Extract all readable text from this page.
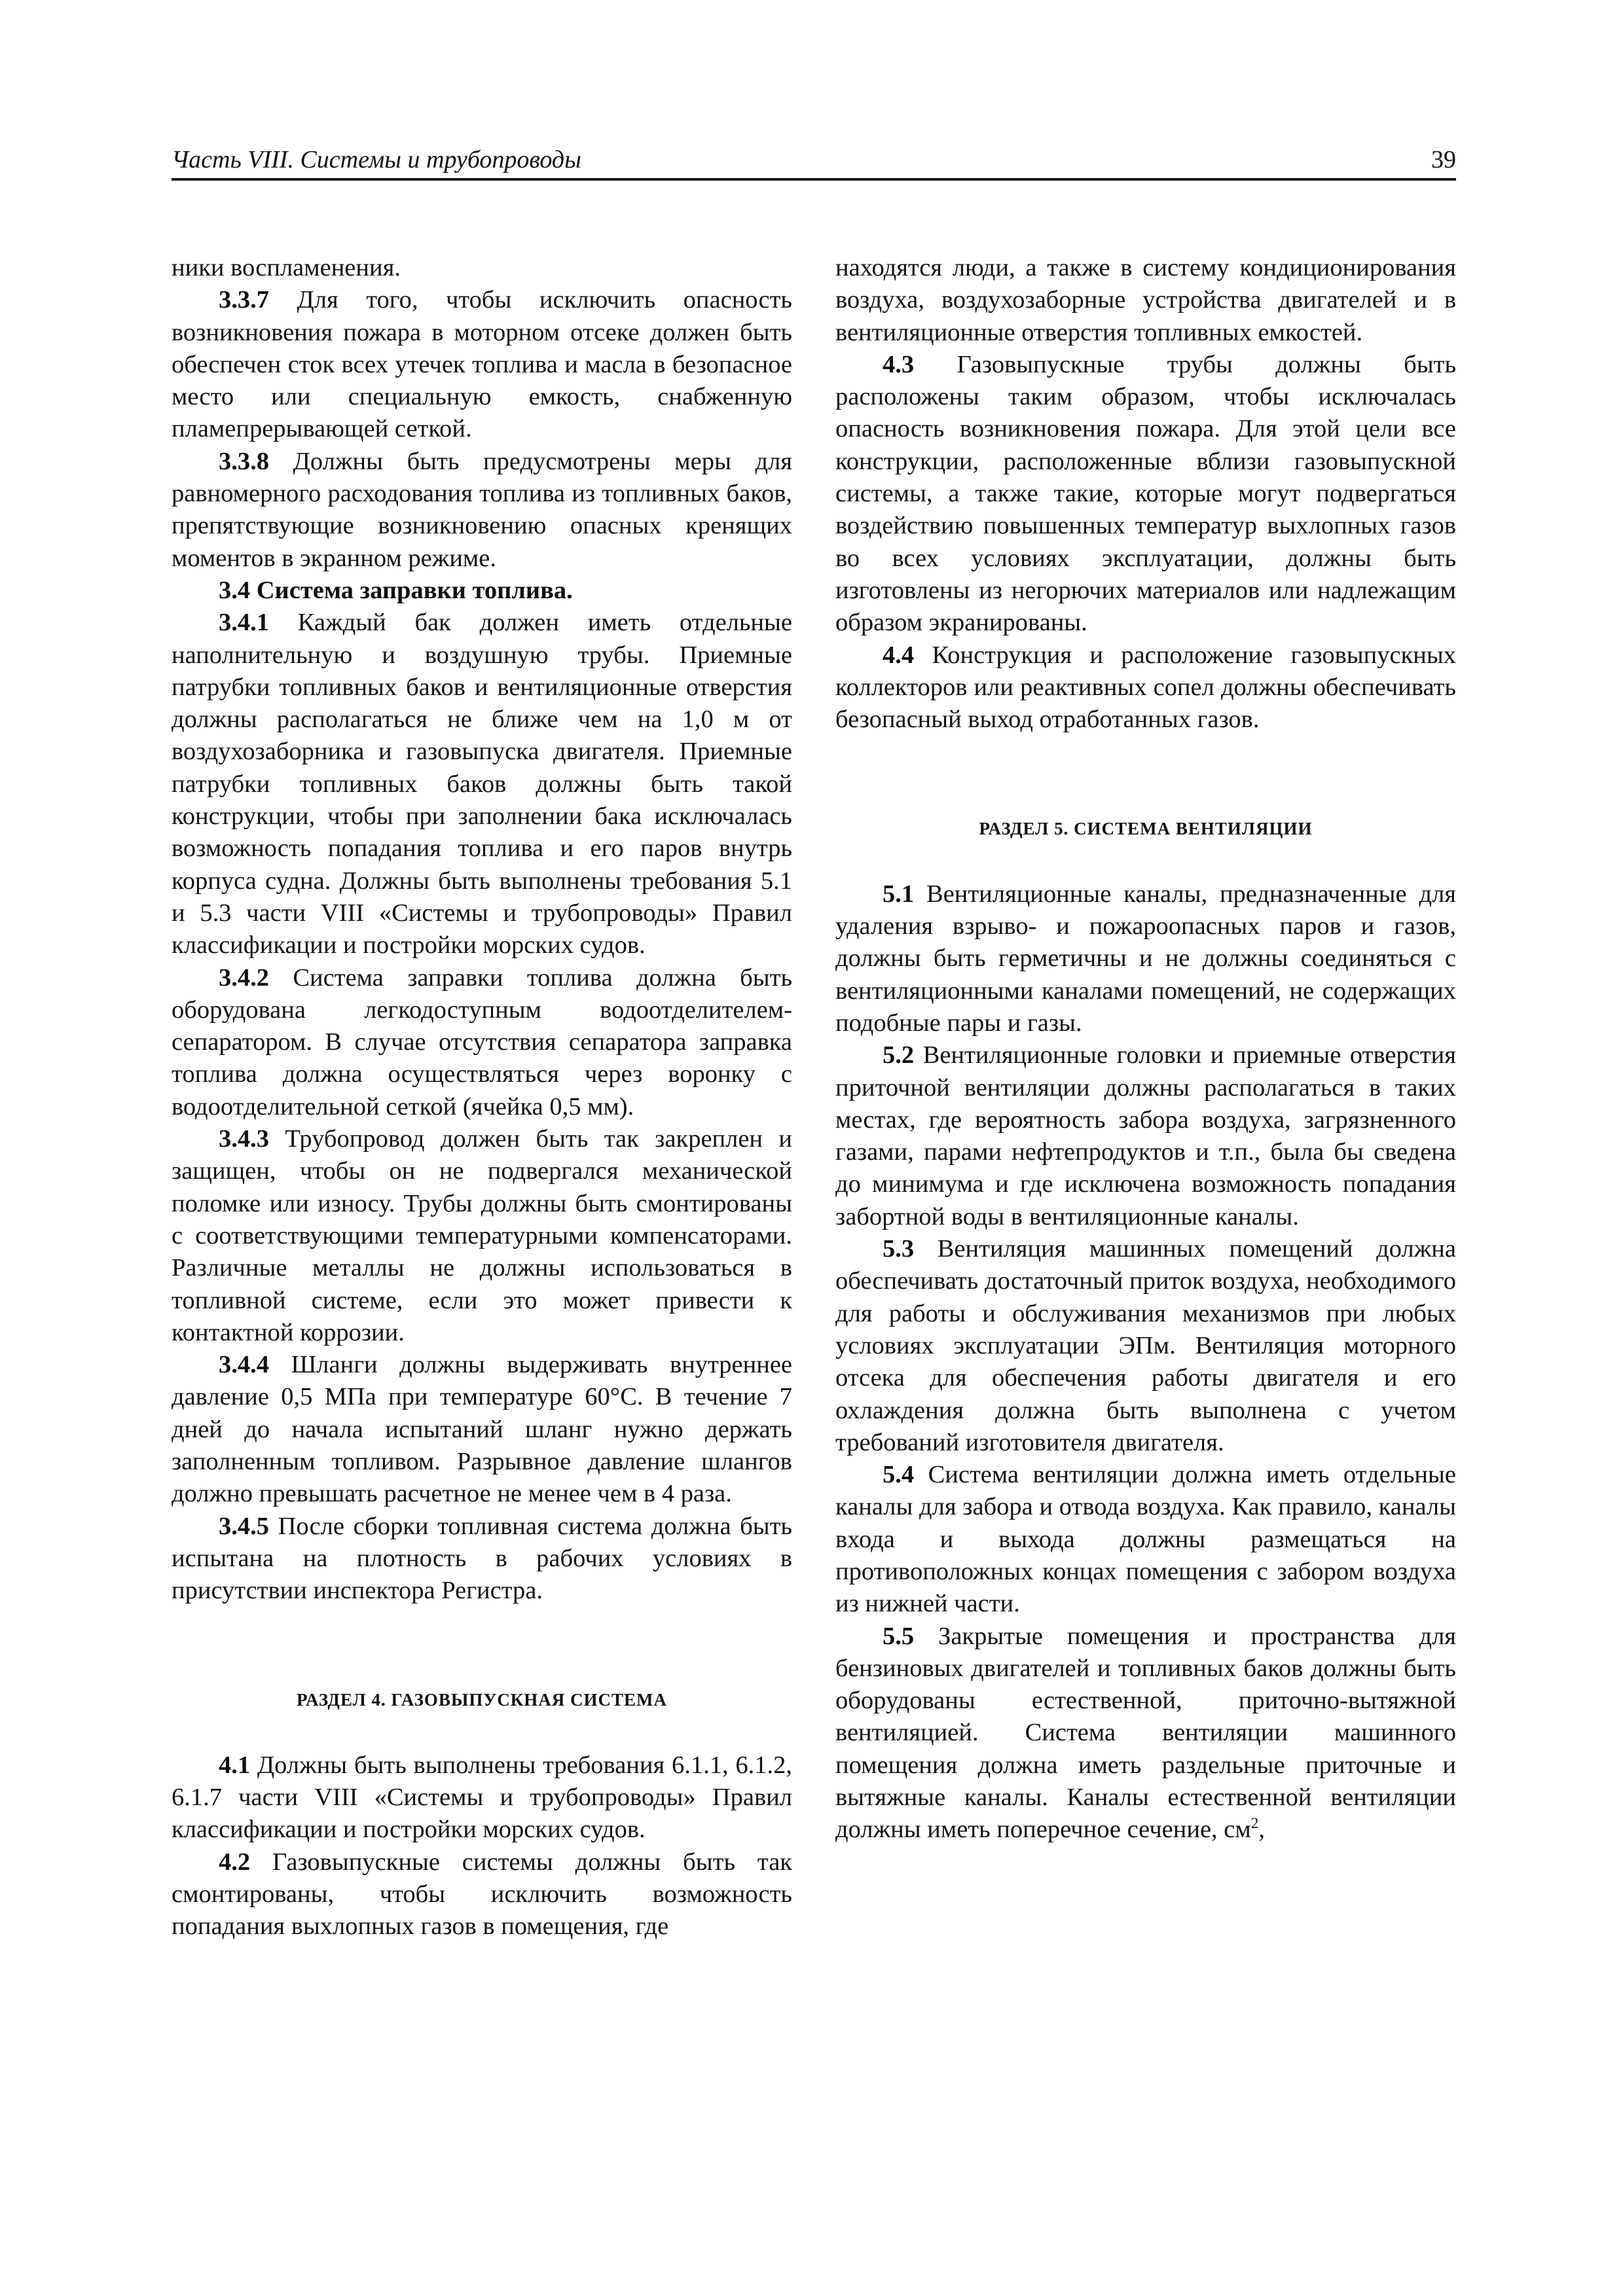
Часть VIII. Системы и трубопроводы	39

ники воспламенения.

3.3.7 Для того, чтобы исключить опасность возникновения пожара в моторном отсеке должен быть обеспечен сток всех утечек топлива и масла в безопасное место или специальную емкость, снабженную пламепрерывающей сеткой.

3.3.8 Должны быть предусмотрены меры для равномерного расходования топлива из топливных баков, препятствующие возникновению опасных кренящих моментов в экранном режиме.

3.4 Система заправки топлива.

3.4.1 Каждый бак должен иметь отдельные наполнительную и воздушную трубы. Приемные патрубки топливных баков и вентиляционные отверстия должны располагаться не ближе чем на 1,0 м от воздухозаборника и газовыпуска двигателя. Приемные патрубки топливных баков должны быть такой конструкции, чтобы при заполнении бака исключалась возможность попадания топлива и его паров внутрь корпуса судна. Должны быть выполнены требования 5.1 и 5.3 части VIII «Системы и трубопроводы» Правил классификации и постройки морских судов.

3.4.2 Система заправки топлива должна быть оборудована легкодоступным водоотделителем-сепаратором. В случае отсутствия сепаратора заправка топлива должна осуществляться через воронку с водоотделительной сеткой (ячейка 0,5 мм).

3.4.3 Трубопровод должен быть так закреплен и защищен, чтобы он не подвергался механической поломке или износу. Трубы должны быть смонтированы с соответствующими температурными компенсаторами. Различные металлы не должны использоваться в топливной системе, если это может привести к контактной коррозии.

3.4.4 Шланги должны выдерживать внутреннее давление 0,5 МПа при температуре 60°С. В течение 7 дней до начала испытаний шланг нужно держать заполненным топливом. Разрывное давление шлангов должно превышать расчетное не менее чем в 4 раза.

3.4.5 После сборки топливная система должна быть испытана на плотность в рабочих условиях в присутствии инспектора Регистра.

РАЗДЕЛ 4. ГАЗОВЫПУСКНАЯ СИСТЕМА

4.1 Должны быть выполнены требования 6.1.1, 6.1.2, 6.1.7 части VIII «Системы и трубопроводы» Правил классификации и постройки морских судов.

4.2 Газовыпускные системы должны быть так смонтированы, чтобы исключить возможность попадания выхлопных газов в помещения, где

находятся люди, а также в систему кондиционирования воздуха, воздухозаборные устройства двигателей и в вентиляционные отверстия топливных емкостей.

4.3 Газовыпускные трубы должны быть расположены таким образом, чтобы исключалась опасность возникновения пожара. Для этой цели все конструкции, расположенные вблизи газовыпускной системы, а также такие, которые могут подвергаться воздействию повышенных температур выхлопных газов во всех условиях эксплуатации, должны быть изготовлены из негорючих материалов или надлежащим образом экранированы.

4.4 Конструкция и расположение газовыпускных коллекторов или реактивных сопел должны обеспечивать безопасный выход отработанных газов.

РАЗДЕЛ 5. СИСТЕМА ВЕНТИЛЯЦИИ

5.1 Вентиляционные каналы, предназначенные для удаления взрыво- и пожароопасных паров и газов, должны быть герметичны и не должны соединяться с вентиляционными каналами помещений, не содержащих подобные пары и газы.

5.2 Вентиляционные головки и приемные отверстия приточной вентиляции должны располагаться в таких местах, где вероятность забора воздуха, загрязненного газами, парами нефтепродуктов и т.п., была бы сведена до минимума и где исключена возможность попадания забортной воды в вентиляционные каналы.

5.3 Вентиляция машинных помещений должна обеспечивать достаточный приток воздуха, необходимого для работы и обслуживания механизмов при любых условиях эксплуатации ЭПм. Вентиляция моторного отсека для обеспечения работы двигателя и его охлаждения должна быть выполнена с учетом требований изготовителя двигателя.

5.4 Система вентиляции должна иметь отдельные каналы для забора и отвода воздуха. Как правило, каналы входа и выхода должны размещаться на противоположных концах помещения с забором воздуха из нижней части.

5.5 Закрытые помещения и пространства для бензиновых двигателей и топливных баков должны быть оборудованы естественной, приточно-вытяжной вентиляцией. Система вентиляции машинного помещения должна иметь раздельные приточные и вытяжные каналы. Каналы естественной вентиляции должны иметь поперечное сечение, $см^2$,
